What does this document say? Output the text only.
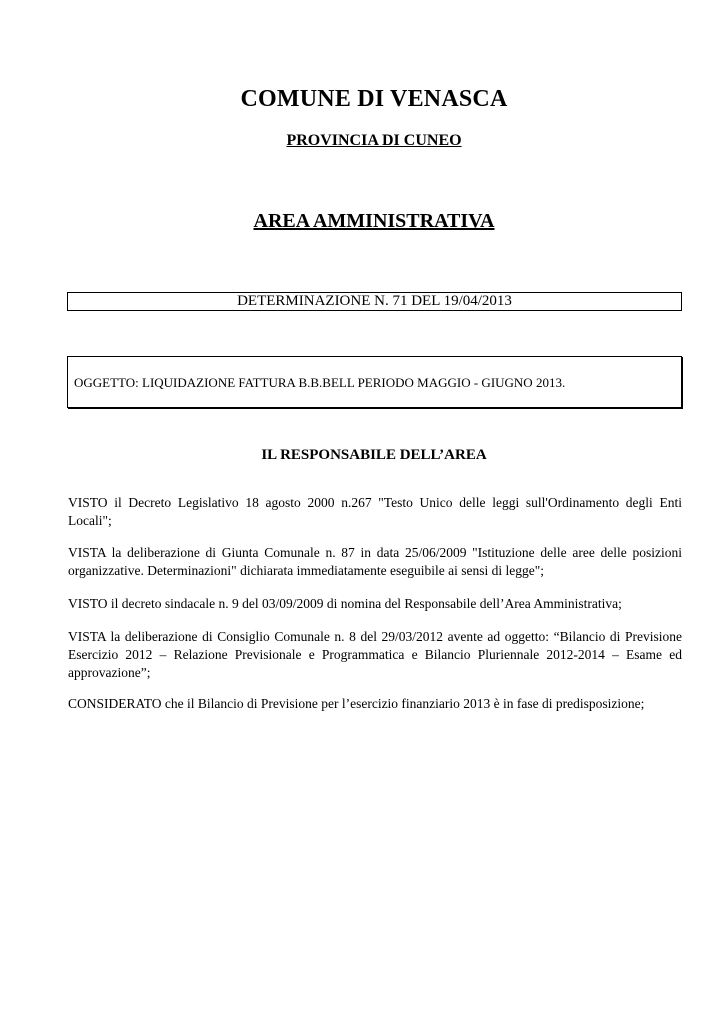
COMUNE DI VENASCA
PROVINCIA DI CUNEO
AREA AMMINISTRATIVA
DETERMINAZIONE N. 71 DEL 19/04/2013
OGGETTO: LIQUIDAZIONE FATTURA B.B.BELL PERIODO MAGGIO - GIUGNO 2013.
IL RESPONSABILE DELL’AREA

VISTO il Decreto Legislativo 18 agosto 2000 n.267 "Testo Unico delle leggi sull'Ordinamento degli Enti Locali";

VISTA la deliberazione di Giunta Comunale n. 87 in data 25/06/2009 "Istituzione delle aree delle posizioni organizzative. Determinazioni" dichiarata immediatamente eseguibile ai sensi di legge";

VISTO il decreto sindacale n. 9 del 03/09/2009 di nomina del Responsabile dell’Area Amministrativa;

VISTA la deliberazione di Consiglio Comunale n. 8 del 29/03/2012 avente ad oggetto: “Bilancio di Previsione Esercizio 2012 – Relazione Previsionale e Programmatica e Bilancio Pluriennale 2012-2014 – Esame ed approvazione”;

CONSIDERATO che il Bilancio di Previsione per l’esercizio finanziario 2013 è in fase di predisposizione;
